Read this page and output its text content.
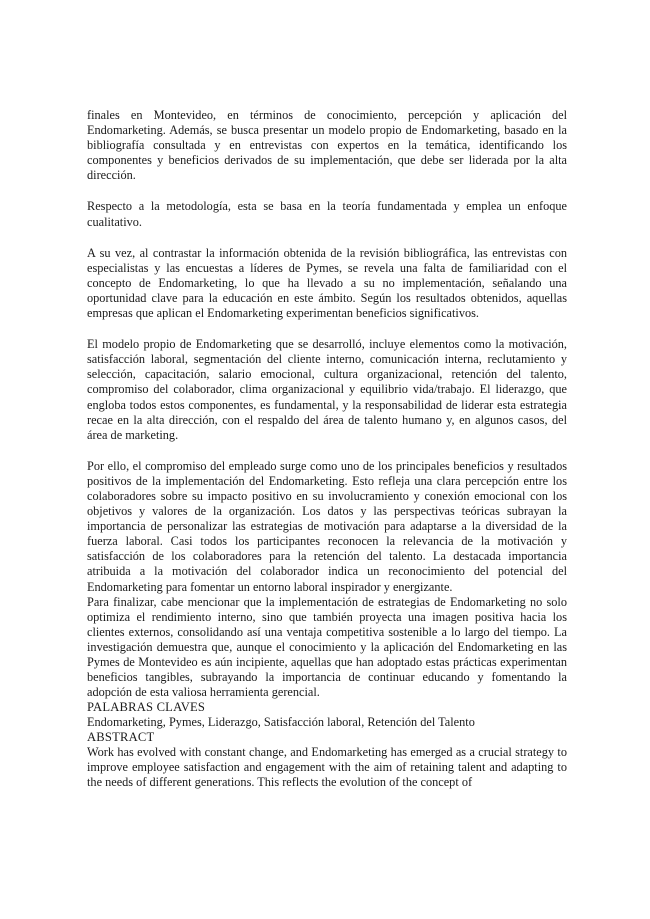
finales en Montevideo, en términos de conocimiento, percepción y aplicación del Endomarketing. Además, se busca presentar un modelo propio de Endomarketing, basado en la bibliografía consultada y en entrevistas con expertos en la temática, identificando los componentes y beneficios derivados de su implementación, que debe ser liderada por la alta dirección.

Respecto a la metodología, esta se basa en la teoría fundamentada y emplea un enfoque cualitativo.

A su vez, al contrastar la información obtenida de la revisión bibliográfica, las entrevistas con especialistas y las encuestas a líderes de Pymes, se revela una falta de familiaridad con el concepto de Endomarketing, lo que ha llevado a su no implementación, señalando una oportunidad clave para la educación en este ámbito. Según los resultados obtenidos, aquellas empresas que aplican el Endomarketing experimentan beneficios significativos.

El modelo propio de Endomarketing que se desarrolló, incluye elementos como la motivación, satisfacción laboral, segmentación del cliente interno, comunicación interna, reclutamiento y selección, capacitación, salario emocional, cultura organizacional, retención del talento, compromiso del colaborador, clima organizacional y equilibrio vida/trabajo. El liderazgo, que engloba todos estos componentes, es fundamental, y la responsabilidad de liderar esta estrategia recae en la alta dirección, con el respaldo del área de talento humano y, en algunos casos, del área de marketing.

Por ello, el compromiso del empleado surge como uno de los principales beneficios y resultados positivos de la implementación del Endomarketing. Esto refleja una clara percepción entre los colaboradores sobre su impacto positivo en su involucramiento y conexión emocional con los objetivos y valores de la organización. Los datos y las perspectivas teóricas subrayan la importancia de personalizar las estrategias de motivación para adaptarse a la diversidad de la fuerza laboral. Casi todos los participantes reconocen la relevancia de la motivación y satisfacción de los colaboradores para la retención del talento. La destacada importancia atribuida a la motivación del colaborador indica un reconocimiento del potencial del Endomarketing para fomentar un entorno laboral inspirador y energizante.

Para finalizar, cabe mencionar que la implementación de estrategias de Endomarketing no solo optimiza el rendimiento interno, sino que también proyecta una imagen positiva hacia los clientes externos, consolidando así una ventaja competitiva sostenible a lo largo del tiempo. La investigación demuestra que, aunque el conocimiento y la aplicación del Endomarketing en las Pymes de Montevideo es aún incipiente, aquellas que han adoptado estas prácticas experimentan beneficios tangibles, subrayando la importancia de continuar educando y fomentando la adopción de esta valiosa herramienta gerencial.

PALABRAS CLAVES

Endomarketing, Pymes, Liderazgo, Satisfacción laboral, Retención del Talento

ABSTRACT

Work has evolved with constant change, and Endomarketing has emerged as a crucial strategy to improve employee satisfaction and engagement with the aim of retaining talent and adapting to the needs of different generations. This reflects the evolution of the concept of
